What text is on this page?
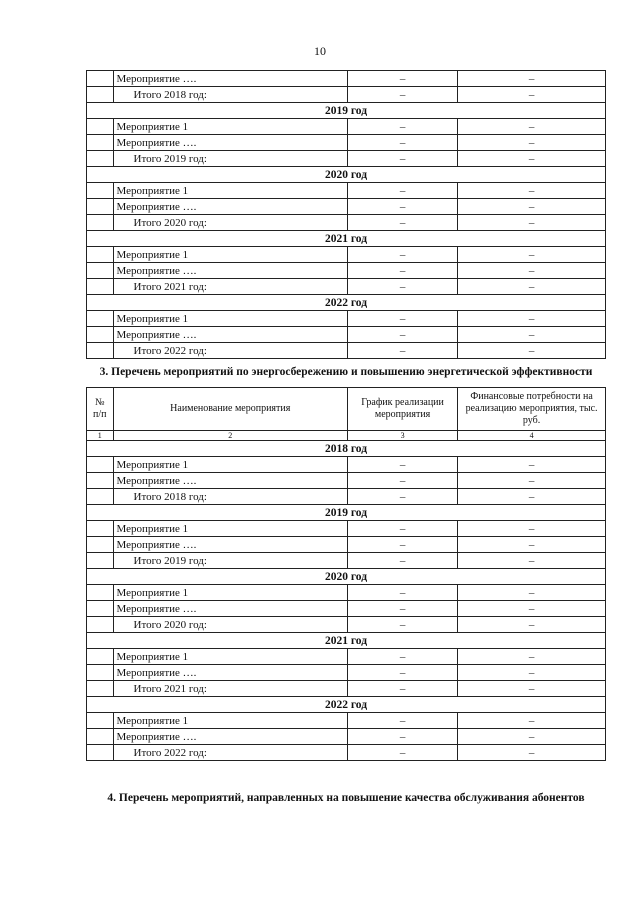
10
	Мероприятие ….	–	–
	Итого 2018 год:	–	–
2019 год			
	Мероприятие 1	–	–
	Мероприятие ….	–	–
	Итого 2019 год:	–	–
2020 год			
	Мероприятие 1	–	–
	Мероприятие ….	–	–
	Итого 2020 год:	–	–
2021 год			
	Мероприятие 1	–	–
	Мероприятие ….	–	–
	Итого 2021 год:	–	–
2022 год			
	Мероприятие 1	–	–
	Мероприятие ….	–	–
	Итого 2022 год:	–	–
3. Перечень мероприятий по энергосбережению и повышению энергетической эффективности
№ п/п	Наименование мероприятия	График реализации мероприятия	Финансовые потребности на реализацию мероприятия, тыс. руб.
1	2	3	4
2018 год			
	Мероприятие 1	–	–
	Мероприятие ….	–	–
	Итого 2018 год:	–	–
2019 год			
	Мероприятие 1	–	–
	Мероприятие ….	–	–
	Итого 2019 год:	–	–
2020 год			
	Мероприятие 1	–	–
	Мероприятие ….	–	–
	Итого 2020 год:	–	–
2021 год			
	Мероприятие 1	–	–
	Мероприятие ….	–	–
	Итого 2021 год:	–	–
2022 год			
	Мероприятие 1	–	–
	Мероприятие ….	–	–
	Итого 2022 год:	–	–
4. Перечень мероприятий, направленных на повышение качества обслуживания абонентов
